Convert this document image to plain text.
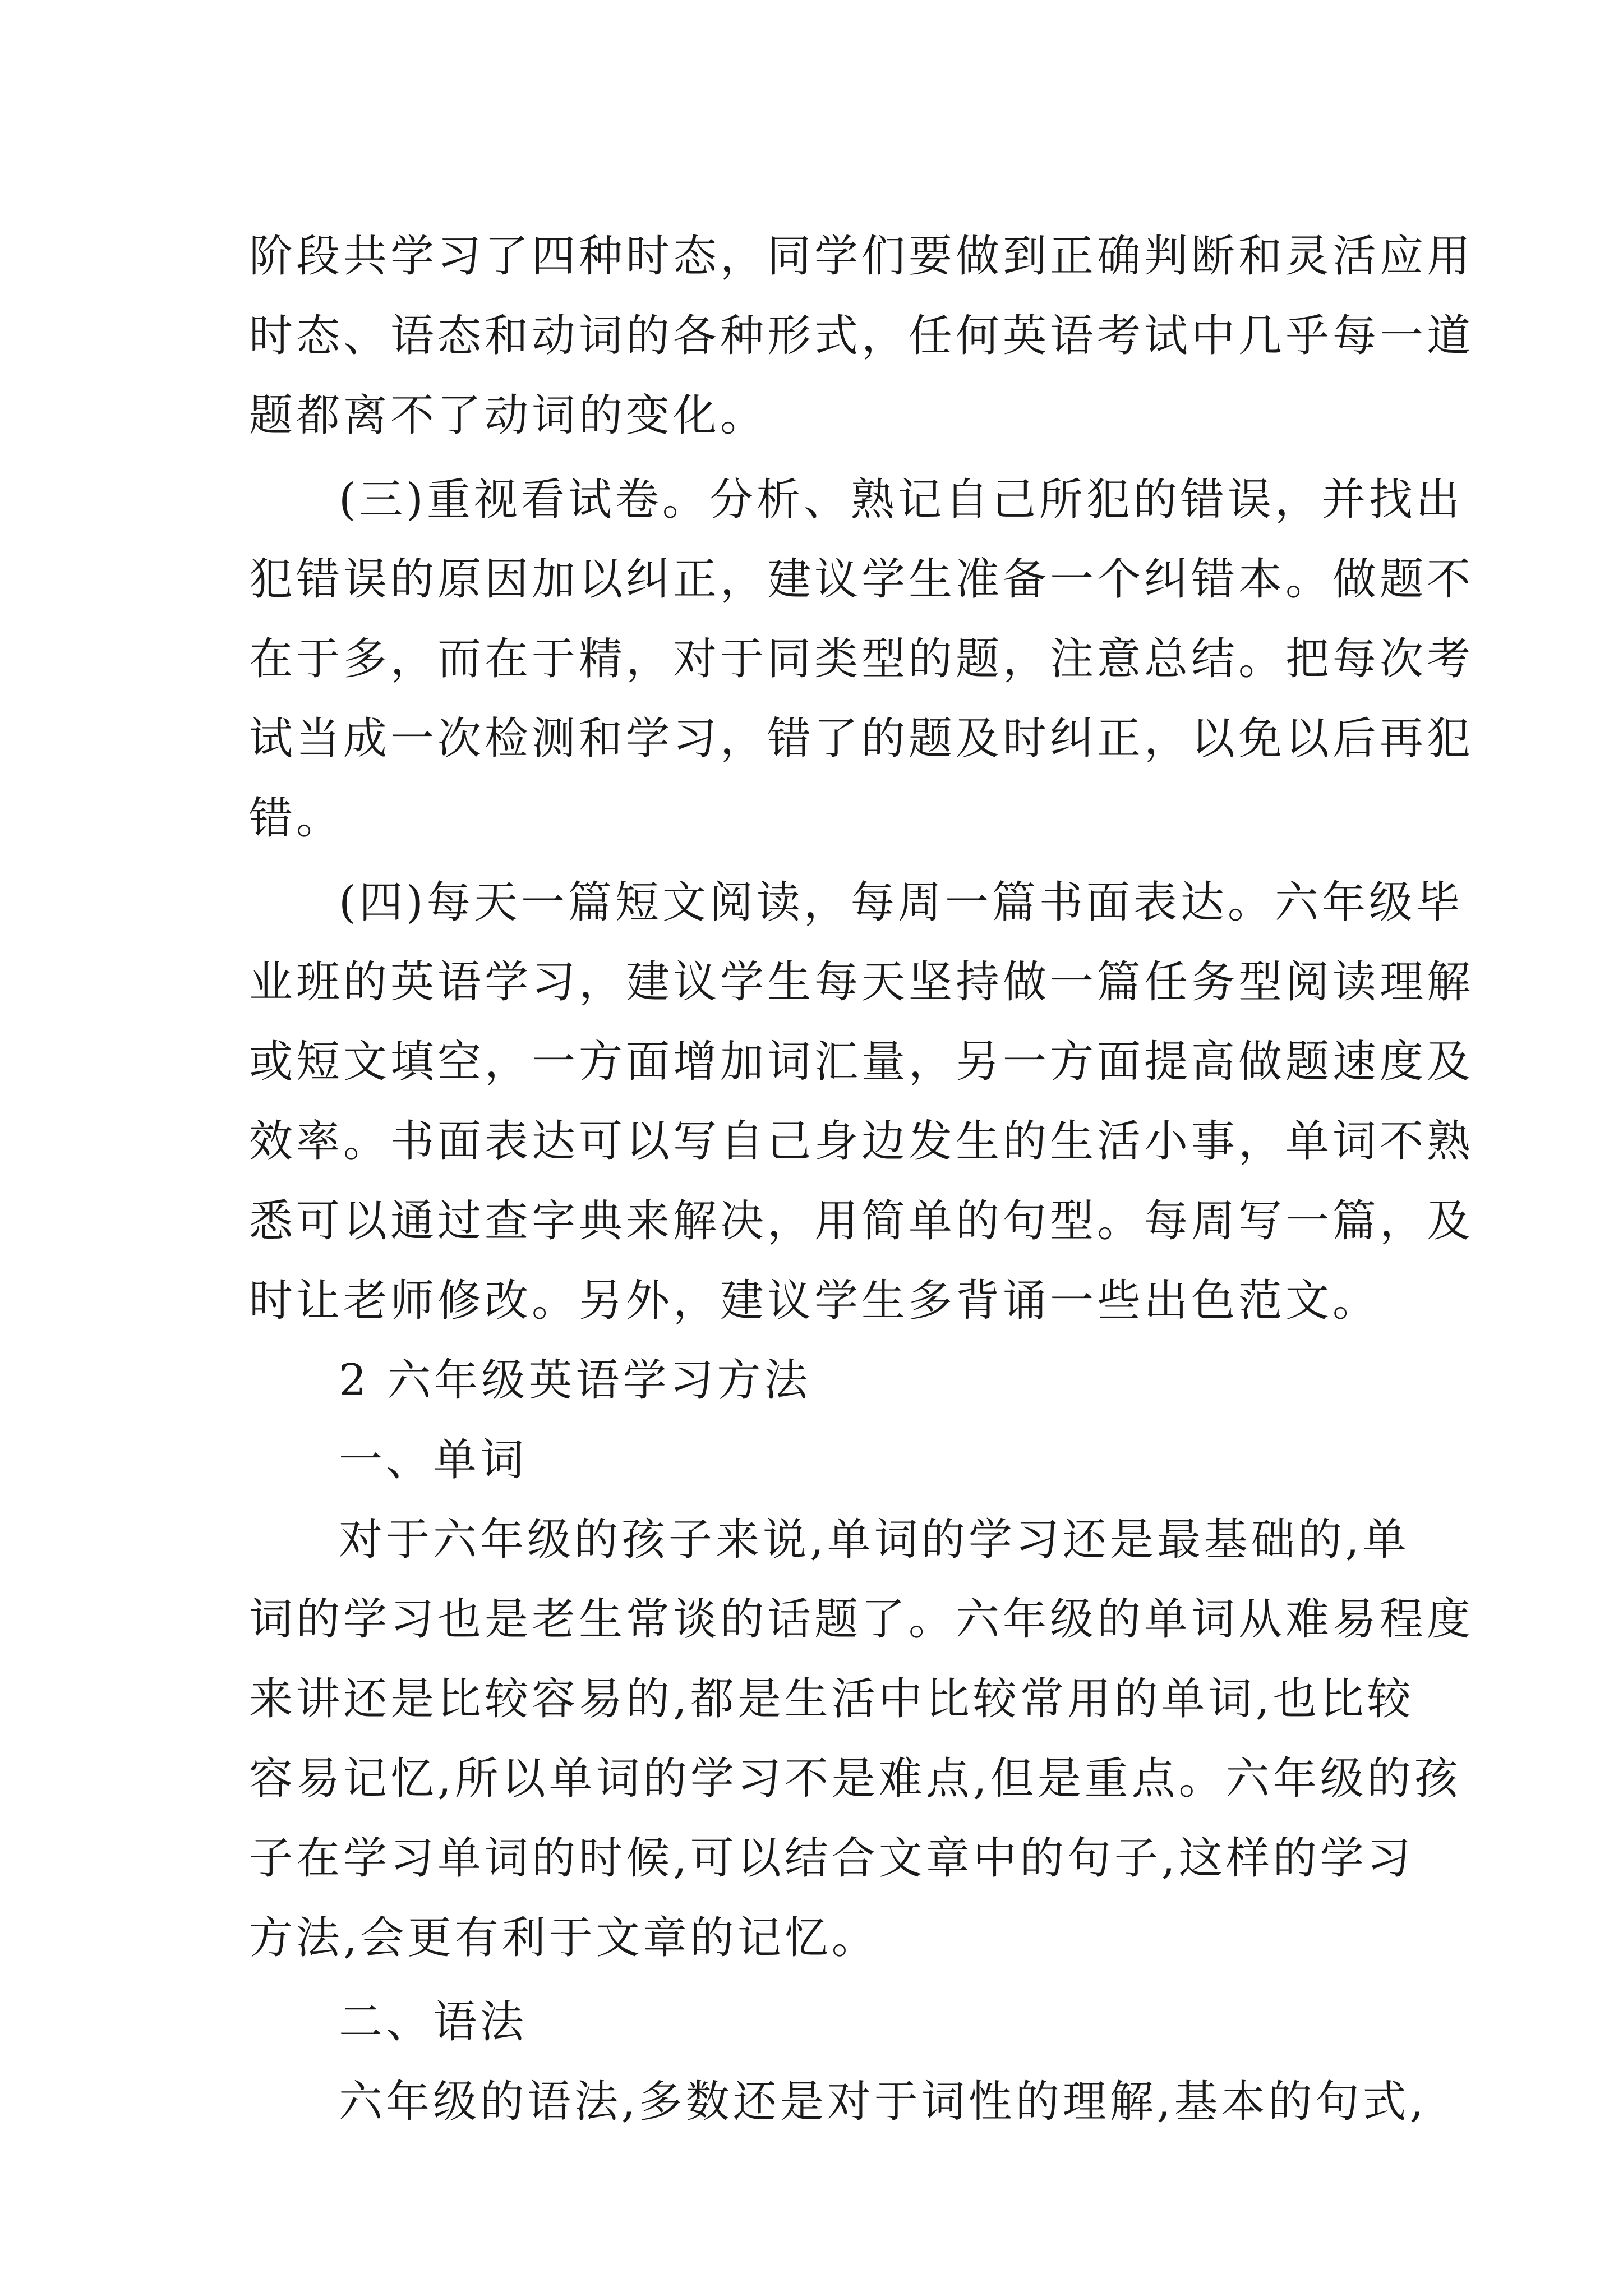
阶段共学习了四种时态，同学们要做到正确判断和灵活应用
时态、语态和动词的各种形式，任何英语考试中几乎每一道
题都离不了动词的变化。
(三)重视看试卷。分析、熟记自己所犯的错误，并找出
犯错误的原因加以纠正，建议学生准备一个纠错本。做题不
在于多，而在于精，对于同类型的题，注意总结。把每次考
试当成一次检测和学习，错了的题及时纠正，以免以后再犯
错。
(四)每天一篇短文阅读，每周一篇书面表达。六年级毕
业班的英语学习，建议学生每天坚持做一篇任务型阅读理解
或短文填空，一方面增加词汇量，另一方面提高做题速度及
效率。书面表达可以写自己身边发生的生活小事，单词不熟
悉可以通过查字典来解决，用简单的句型。每周写一篇，及
时让老师修改。另外，建议学生多背诵一些出色范文。
2 六年级英语学习方法
一、单词
对于六年级的孩子来说,单词的学习还是最基础的,单
词的学习也是老生常谈的话题了。六年级的单词从难易程度
来讲还是比较容易的,都是生活中比较常用的单词,也比较
容易记忆,所以单词的学习不是难点,但是重点。六年级的孩
子在学习单词的时候,可以结合文章中的句子,这样的学习
方法,会更有利于文章的记忆。
二、语法
六年级的语法,多数还是对于词性的理解,基本的句式,
